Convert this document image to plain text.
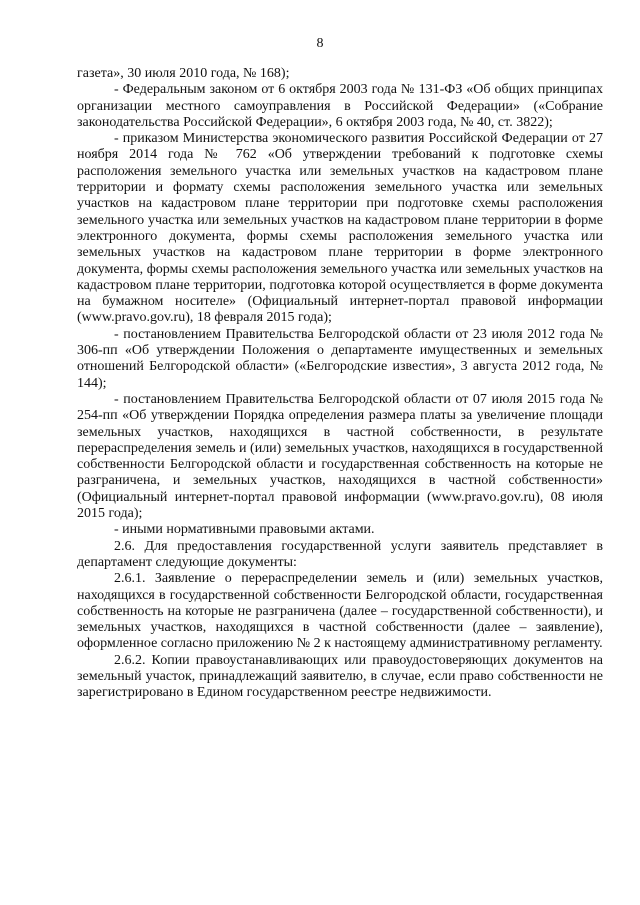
8

газета», 30 июля 2010 года, № 168);

- Федеральным законом от 6 октября 2003 года № 131-ФЗ «Об общих принципах организации местного самоуправления в Российской Федерации» («Собрание законодательства Российской Федерации», 6 октября 2003 года, № 40, ст. 3822);

- приказом Министерства экономического развития Российской Федерации от 27 ноября 2014 года № 762 «Об утверждении требований к подготовке схемы расположения земельного участка или земельных участков на кадастровом плане территории и формату схемы расположения земельного участка или земельных участков на кадастровом плане территории при подготовке схемы расположения земельного участка или земельных участков на кадастровом плане территории в форме электронного документа, формы схемы расположения земельного участка или земельных участков на кадастровом плане территории в форме электронного документа, формы схемы расположения земельного участка или земельных участков на кадастровом плане территории, подготовка которой осуществляется в форме документа на бумажном носителе» (Официальный интернет-портал правовой информации (www.pravo.gov.ru), 18 февраля 2015 года);

- постановлением Правительства Белгородской области от 23 июля 2012 года № 306-пп «Об утверждении Положения о департаменте имущественных и земельных отношений Белгородской области» («Белгородские известия», 3 августа 2012 года, № 144);

- постановлением Правительства Белгородской области от 07 июля 2015 года № 254-пп «Об утверждении Порядка определения размера платы за увеличение площади земельных участков, находящихся в частной собственности, в результате перераспределения земель и (или) земельных участков, находящихся в государственной собственности Белгородской области и государственная собственность на которые не разграничена, и земельных участков, находящихся в частной собственности» (Официальный интернет-портал правовой информации (www.pravo.gov.ru), 08 июля 2015 года);

- иными нормативными правовыми актами.

2.6. Для предоставления государственной услуги заявитель представляет в департамент следующие документы:

2.6.1. Заявление о перераспределении земель и (или) земельных участков, находящихся в государственной собственности Белгородской области, государственная собственность на которые не разграничена (далее – государственной собственности), и земельных участков, находящихся в частной собственности (далее – заявление), оформленное согласно приложению № 2 к настоящему административному регламенту.

2.6.2. Копии правоустанавливающих или правоудостоверяющих документов на земельный участок, принадлежащий заявителю, в случае, если право собственности не зарегистрировано в Едином государственном реестре недвижимости.
